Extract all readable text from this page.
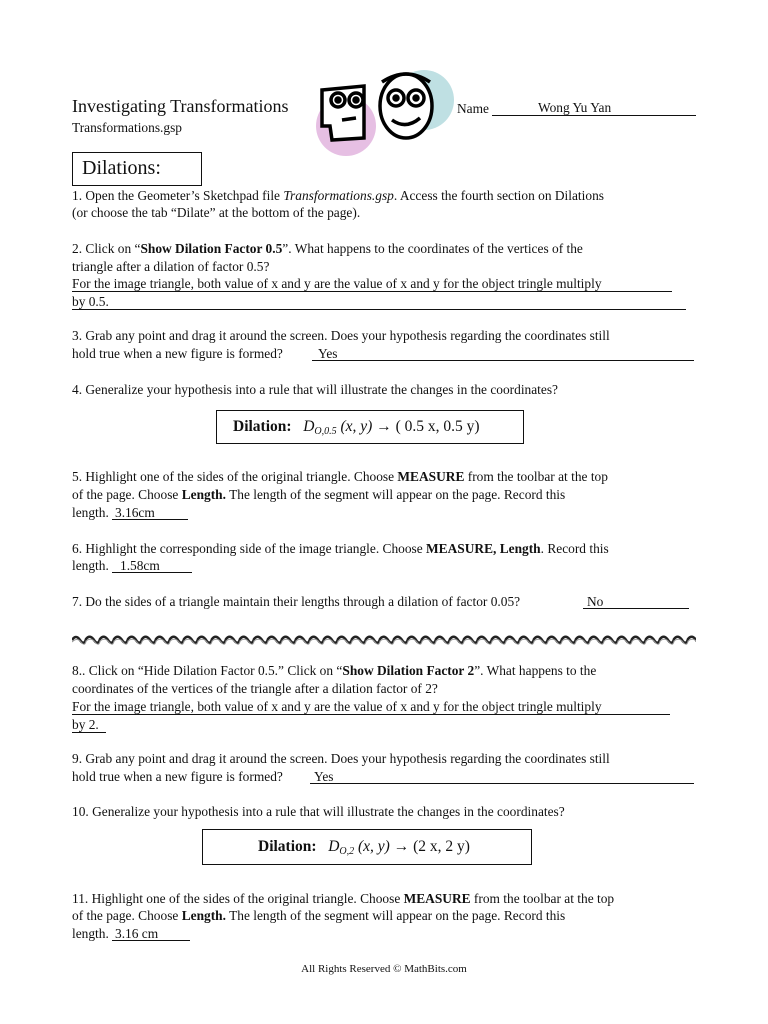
Investigating Transformations
Transformations.gsp
Name	Wong Yu Yan
Dilations:
1. Open the Geometer’s Sketchpad file Transformations.gsp. Access the fourth section on Dilations
(or choose the tab “Dilate” at the bottom of the page).
2. Click on “Show Dilation Factor 0.5”. What happens to the coordinates of the vertices of the
triangle after a dilation of factor 0.5?
For the image triangle, both value of x and y are the value of x and y for the object tringle multiply
by 0.5.
3. Grab any point and drag it around the screen. Does your hypothesis regarding the coordinates still
hold true when a new figure is formed?	Yes
4. Generalize your hypothesis into a rule that will illustrate the changes in the coordinates?
Dilation: DO,0.5 (x, y) → ( 0.5 x, 0.5 y)
5. Highlight one of the sides of the original triangle. Choose MEASURE from the toolbar at the top
of the page. Choose Length. The length of the segment will appear on the page. Record this
length. 3.16cm
6. Highlight the corresponding side of the image triangle. Choose MEASURE, Length. Record this
length. 1.58cm
7. Do the sides of a triangle maintain their lengths through a dilation of factor 0.05?	No
8.. Click on “Hide Dilation Factor 0.5.” Click on “Show Dilation Factor 2”. What happens to the
coordinates of the vertices of the triangle after a dilation factor of 2?
For the image triangle, both value of x and y are the value of x and y for the object tringle multiply
by 2.
9. Grab any point and drag it around the screen. Does your hypothesis regarding the coordinates still
hold true when a new figure is formed? Yes
10. Generalize your hypothesis into a rule that will illustrate the changes in the coordinates?
Dilation: DO,2 (x, y) → (2 x, 2 y)
11. Highlight one of the sides of the original triangle. Choose MEASURE from the toolbar at the top
of the page. Choose Length. The length of the segment will appear on the page. Record this
length. 3.16 cm
All Rights Reserved © MathBits.com
